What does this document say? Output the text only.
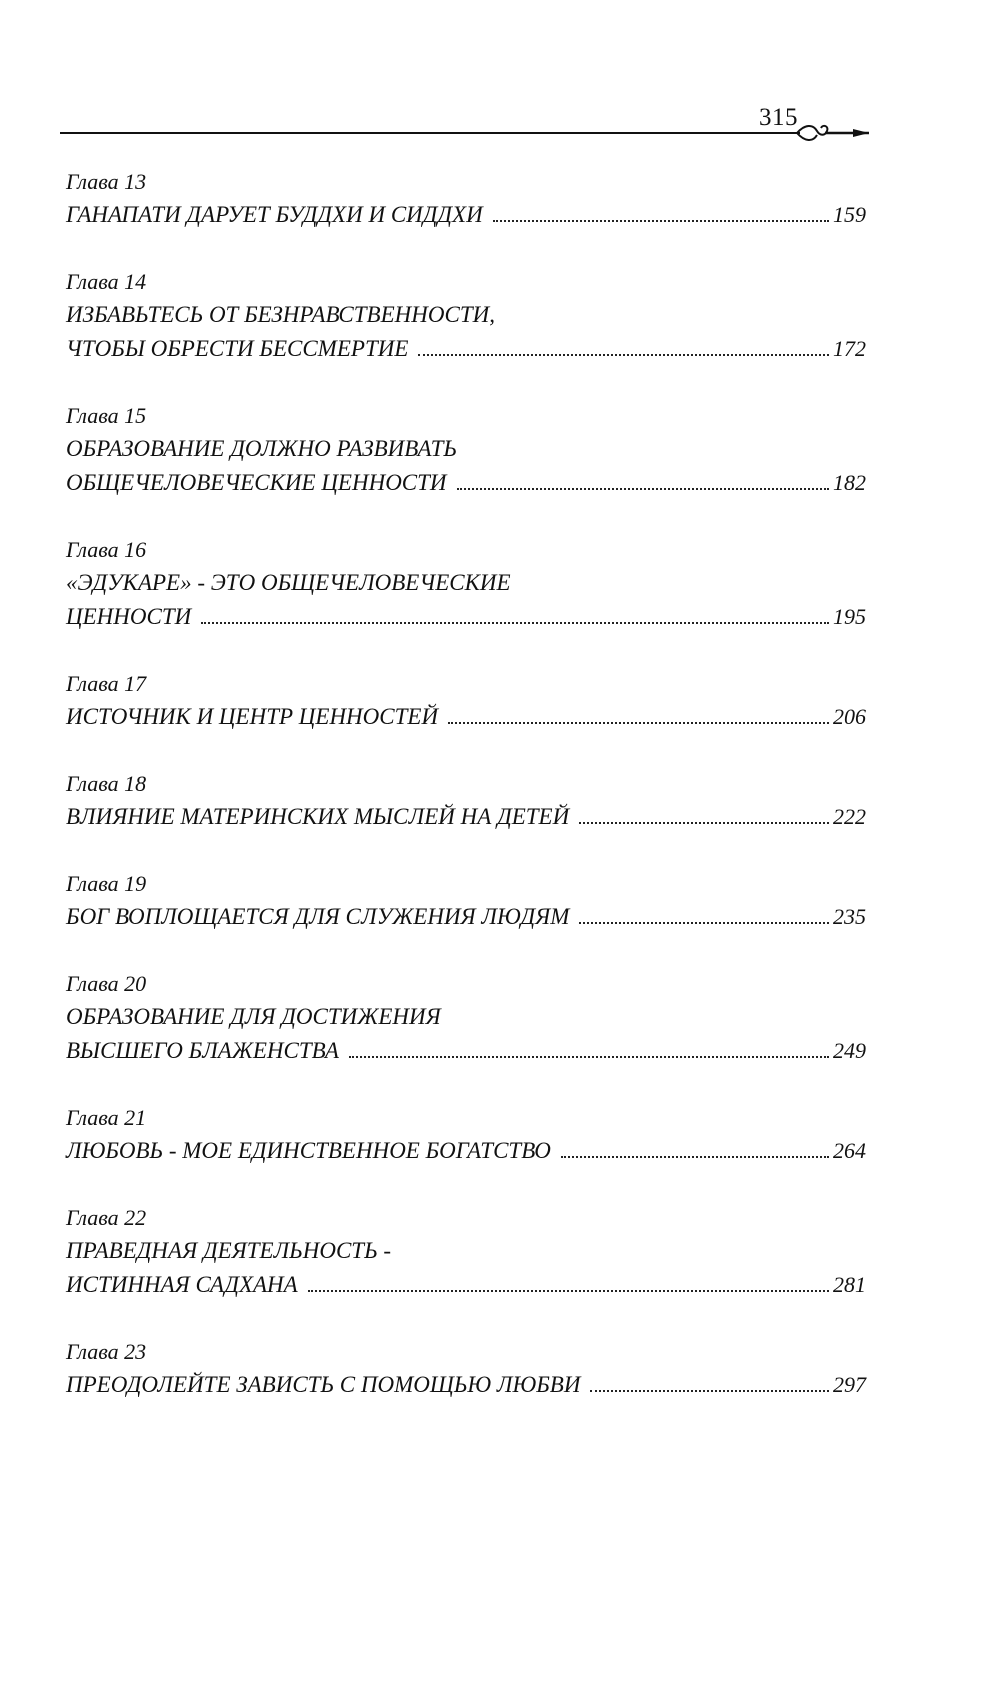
315
Глава 13
ГАНАПАТИ ДАРУЕТ БУДДХИ И СИДДХИ	159
Глава 14
ИЗБАВЬТЕСЬ ОТ БЕЗНРАВСТВЕННОСТИ,
ЧТОБЫ ОБРЕСТИ БЕССМЕРТИЕ	172
Глава 15
ОБРАЗОВАНИЕ ДОЛЖНО РАЗВИВАТЬ
ОБЩЕЧЕЛОВЕЧЕСКИЕ ЦЕННОСТИ	182
Глава 16
«ЭДУКАРЕ» - ЭТО ОБЩЕЧЕЛОВЕЧЕСКИЕ
ЦЕННОСТИ	195
Глава 17
ИСТОЧНИК И ЦЕНТР ЦЕННОСТЕЙ	206
Глава 18
ВЛИЯНИЕ МАТЕРИНСКИХ МЫСЛЕЙ НА ДЕТЕЙ	222
Глава 19
БОГ ВОПЛОЩАЕТСЯ ДЛЯ СЛУЖЕНИЯ ЛЮДЯМ	235
Глава 20
ОБРАЗОВАНИЕ ДЛЯ ДОСТИЖЕНИЯ
ВЫСШЕГО БЛАЖЕНСТВА	249
Глава 21
ЛЮБОВЬ - МОЕ ЕДИНСТВЕННОЕ БОГАТСТВО	264
Глава 22
ПРАВЕДНАЯ ДЕЯТЕЛЬНОСТЬ -
ИСТИННАЯ САДХАНА	281
Глава 23
ПРЕОДОЛЕЙТЕ ЗАВИСТЬ С ПОМОЩЬЮ ЛЮБВИ	297
